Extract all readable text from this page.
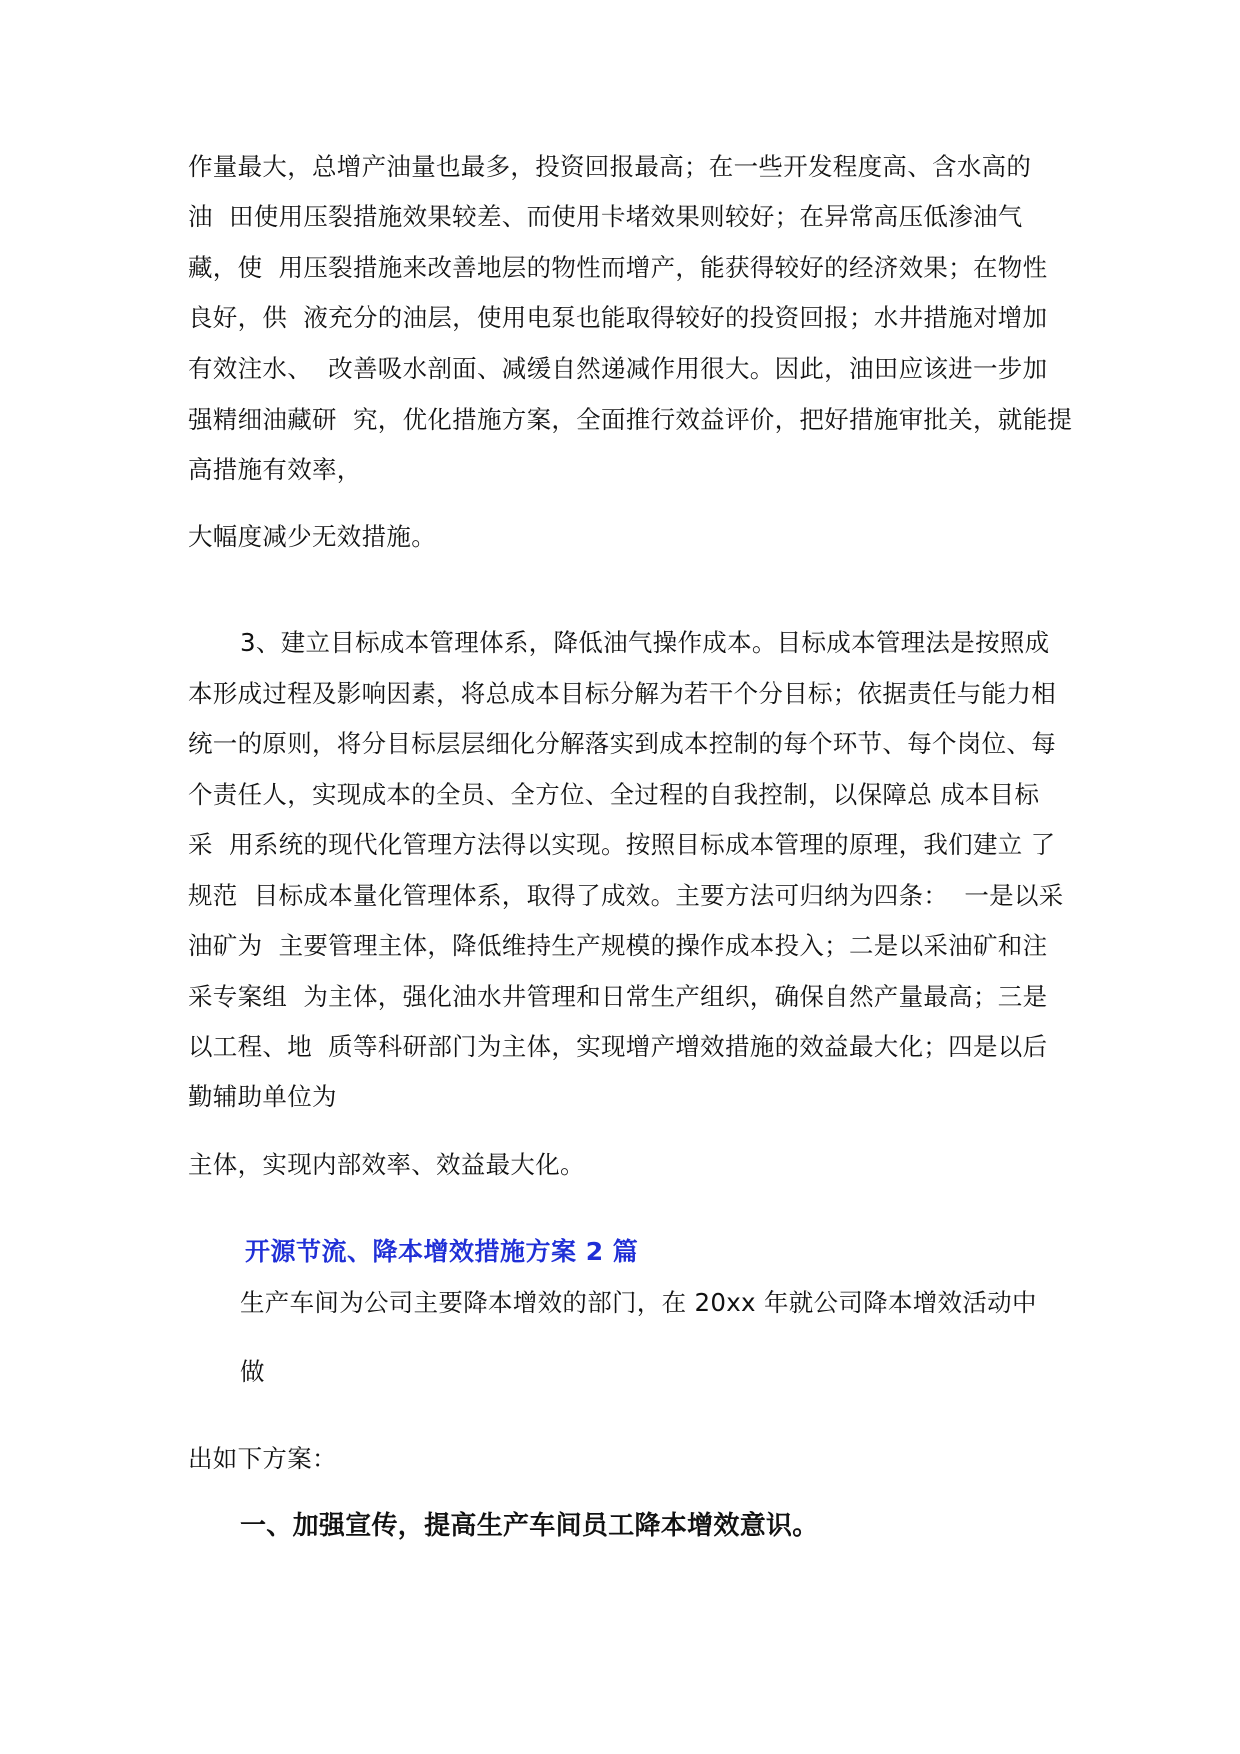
作量最大，总增产油量也最多，投资回报最高；在一些开发程度高、含水高的
油  田使用压裂措施效果较差、而使用卡堵效果则较好；在异常高压低渗油气
藏，使  用压裂措施来改善地层的物性而增产，能获得较好的经济效果；在物性
良好，供  液充分的油层，使用电泵也能取得较好的投资回报；水井措施对增加
有效注水、  改善吸水剖面、减缓自然递减作用很大。因此，油田应该进一步加
强精细油藏研  究，优化措施方案，全面推行效益评价，把好措施审批关，就能提
高措施有效率，
大幅度减少无效措施。
3、建立目标成本管理体系，降低油气操作成本。目标成本管理法是按照成
本形成过程及影响因素，将总成本目标分解为若干个分目标；依据责任与能力相
统一的原则，将分目标层层细化分解落实到成本控制的每个环节、每个岗位、每
个责任人，实现成本的全员、全方位、全过程的自我控制，以保障总 成本目标
采  用系统的现代化管理方法得以实现。按照目标成本管理的原理，我们建立 了
规范  目标成本量化管理体系，取得了成效。主要方法可归纳为四条：  一是以采
油矿为  主要管理主体，降低维持生产规模的操作成本投入；二是以采油矿和注
采专案组  为主体，强化油水井管理和日常生产组织，确保自然产量最高；三是
以工程、地  质等科研部门为主体，实现增产增效措施的效益最大化；四是以后
勤辅助单位为
主体，实现内部效率、效益最大化。
开源节流、降本增效措施方案 2 篇
生产车间为公司主要降本增效的部门，在 20xx 年就公司降本增效活动中
做
出如下方案：
一、加强宣传，提高生产车间员工降本增效意识。
